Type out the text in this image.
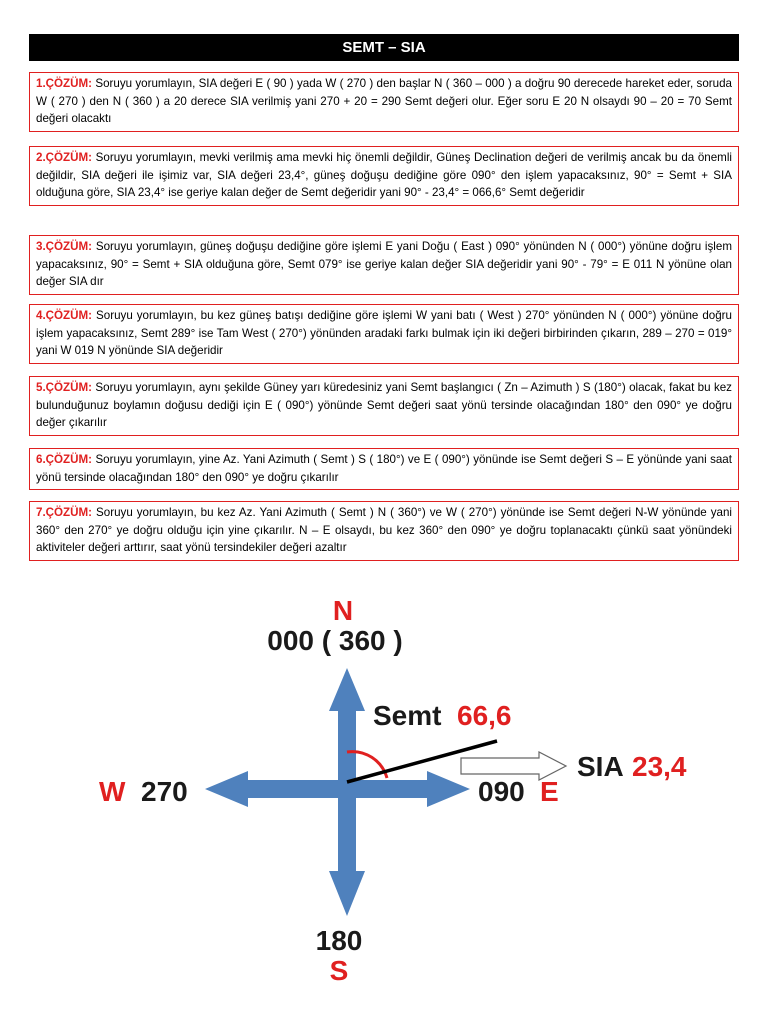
SEMT – SIA
1.ÇÖZÜM: Soruyu yorumlayın, SIA değeri E ( 90 ) yada W ( 270 ) den başlar N ( 360 – 000 ) a doğru 90 derecede hareket eder, soruda W ( 270 ) den N ( 360 ) a 20 derece SIA verilmiş yani 270 + 20 = 290 Semt değeri olur. Eğer soru E 20 N olsaydı 90 – 20 = 70 Semt değeri olacaktı
2.ÇÖZÜM: Soruyu yorumlayın, mevki verilmiş ama mevki hiç önemli değildir, Güneş Declination değeri de verilmiş ancak bu da önemli değildir, SIA değeri ile işimiz var, SIA değeri 23,4°, güneş doğuşu dediğine göre 090° den işlem yapacaksınız, 90° = Semt + SIA olduğuna göre, SIA 23,4° ise geriye kalan değer de Semt değeridir yani 90° - 23,4° = 066,6° Semt değeridir
3.ÇÖZÜM: Soruyu yorumlayın, güneş doğuşu dediğine göre işlemi E yani Doğu ( East ) 090° yönünden N ( 000°) yönüne doğru işlem yapacaksınız, 90° = Semt + SIA olduğuna göre, Semt 079° ise geriye kalan değer SIA değeridir yani 90° - 79° = E 011 N yönüne olan değer SIA dır
4.ÇÖZÜM: Soruyu yorumlayın, bu kez güneş batışı dediğine göre işlemi W yani batı ( West ) 270° yönünden N ( 000°) yönüne doğru işlem yapacaksınız, Semt 289° ise Tam West ( 270°) yönünden aradaki farkı bulmak için iki değeri birbirinden çıkarın, 289 – 270 = 019° yani W 019 N yönünde SIA değeridir
5.ÇÖZÜM: Soruyu yorumlayın, aynı şekilde Güney yarı küredesiniz yani Semt başlangıcı ( Zn – Azimuth ) S (180°) olacak, fakat bu kez bulunduğunuz boylamın doğusu dediği için E ( 090°) yönünde Semt değeri saat yönü tersinde olacağından 180° den 090° ye doğru değer çıkarılır
6.ÇÖZÜM: Soruyu yorumlayın, yine Az. Yani Azimuth ( Semt ) S ( 180°) ve E ( 090°) yönünde ise Semt değeri S – E yönünde yani saat yönü tersinde olacağından 180° den 090° ye doğru çıkarılır
7.ÇÖZÜM: Soruyu yorumlayın, bu kez Az. Yani Azimuth ( Semt ) N ( 360°) ve W ( 270°) yönünde ise Semt değeri N-W yönünde yani 360° den 270° ye doğru olduğu için yine çıkarılır. N – E olsaydı, bu kez 360° den 090° ye doğru toplanacaktı çünkü saat yönündeki aktiviteler değeri arttırır, saat yönü tersindekiler değeri azaltır
N
000 ( 360 )
180
S
W 270	090 E
Semt 66,6
SIA 23,4
